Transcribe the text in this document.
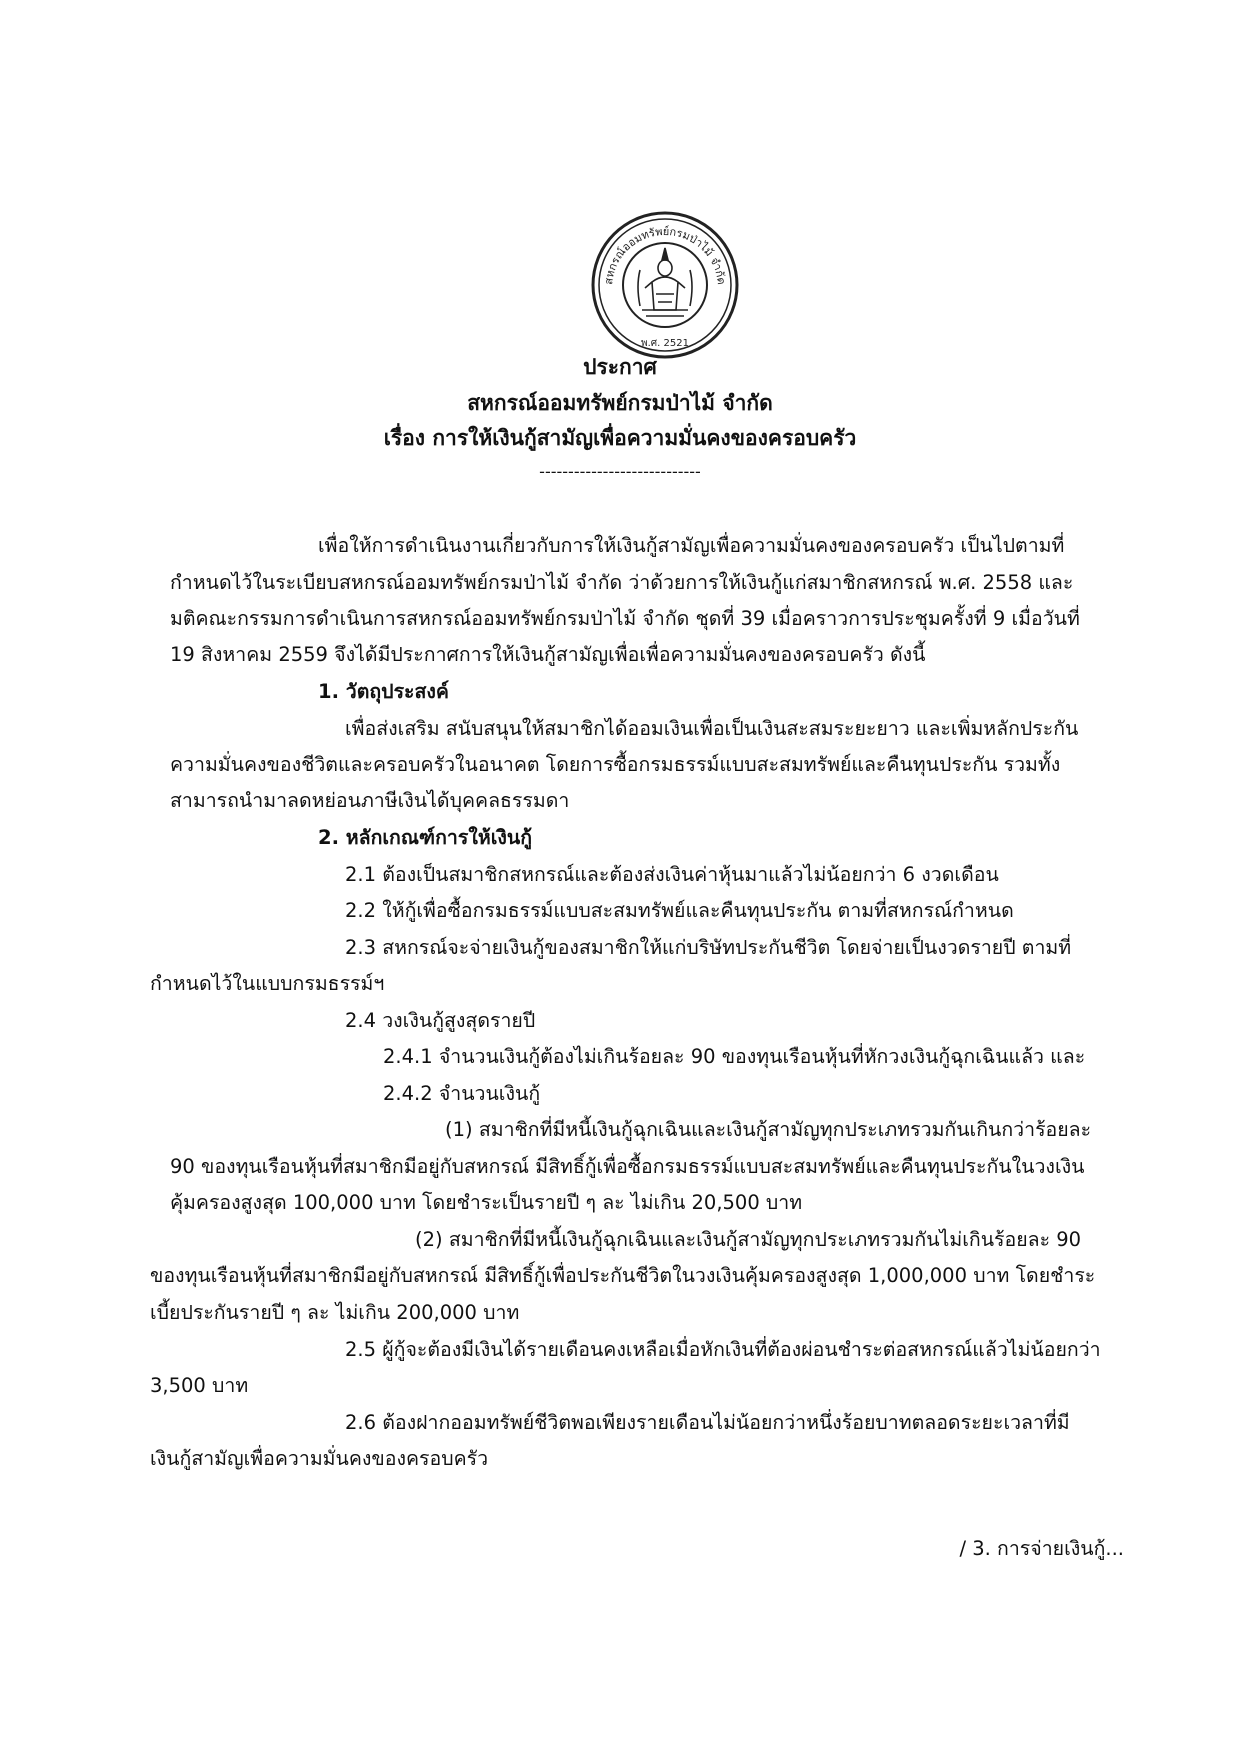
สหกรณ์ออมทรัพย์กรมป่าไม้ จำกัด
พ.ศ. 2521
ประกาศ
สหกรณ์ออมทรัพย์กรมป่าไม้ จำกัด
เรื่อง การให้เงินกู้สามัญเพื่อความมั่นคงของครอบครัว
----------------------------
เพื่อให้การดำเนินงานเกี่ยวกับการให้เงินกู้สามัญเพื่อความมั่นคงของครอบครัว เป็นไปตามที่
กำหนดไว้ในระเบียบสหกรณ์ออมทรัพย์กรมป่าไม้ จำกัด ว่าด้วยการให้เงินกู้แก่สมาชิกสหกรณ์ พ.ศ. 2558 และ
มติคณะกรรมการดำเนินการสหกรณ์ออมทรัพย์กรมป่าไม้ จำกัด ชุดที่ 39 เมื่อคราวการประชุมครั้งที่ 9 เมื่อวันที่
19 สิงหาคม 2559 จึงได้มีประกาศการให้เงินกู้สามัญเพื่อเพื่อความมั่นคงของครอบครัว ดังนี้
1. วัตถุประสงค์
เพื่อส่งเสริม สนับสนุนให้สมาชิกได้ออมเงินเพื่อเป็นเงินสะสมระยะยาว และเพิ่มหลักประกัน
ความมั่นคงของชีวิตและครอบครัวในอนาคต โดยการซื้อกรมธรรม์แบบสะสมทรัพย์และคืนทุนประกัน รวมทั้ง
สามารถนำมาลดหย่อนภาษีเงินได้บุคคลธรรมดา
2. หลักเกณฑ์การให้เงินกู้
2.1 ต้องเป็นสมาชิกสหกรณ์และต้องส่งเงินค่าหุ้นมาแล้วไม่น้อยกว่า 6 งวดเดือน
2.2 ให้กู้เพื่อซื้อกรมธรรม์แบบสะสมทรัพย์และคืนทุนประกัน ตามที่สหกรณ์กำหนด
2.3 สหกรณ์จะจ่ายเงินกู้ของสมาชิกให้แก่บริษัทประกันชีวิต โดยจ่ายเป็นงวดรายปี ตามที่
กำหนดไว้ในแบบกรมธรรม์ฯ
2.4 วงเงินกู้สูงสุดรายปี
2.4.1 จำนวนเงินกู้ต้องไม่เกินร้อยละ 90 ของทุนเรือนหุ้นที่หักวงเงินกู้ฉุกเฉินแล้ว และ
2.4.2 จำนวนเงินกู้
(1) สมาชิกที่มีหนี้เงินกู้ฉุกเฉินและเงินกู้สามัญทุกประเภทรวมกันเกินกว่าร้อยละ
90 ของทุนเรือนหุ้นที่สมาชิกมีอยู่กับสหกรณ์ มีสิทธิ์กู้เพื่อซื้อกรมธรรม์แบบสะสมทรัพย์และคืนทุนประกันในวงเงิน
คุ้มครองสูงสุด 100,000 บาท โดยชำระเป็นรายปี ๆ ละ ไม่เกิน 20,500 บาท
(2) สมาชิกที่มีหนี้เงินกู้ฉุกเฉินและเงินกู้สามัญทุกประเภทรวมกันไม่เกินร้อยละ 90
ของทุนเรือนหุ้นที่สมาชิกมีอยู่กับสหกรณ์ มีสิทธิ์กู้เพื่อประกันชีวิตในวงเงินคุ้มครองสูงสุด 1,000,000 บาท โดยชำระ
เบี้ยประกันรายปี ๆ ละ ไม่เกิน 200,000 บาท
2.5 ผู้กู้จะต้องมีเงินได้รายเดือนคงเหลือเมื่อหักเงินที่ต้องผ่อนชำระต่อสหกรณ์แล้วไม่น้อยกว่า
3,500 บาท
2.6 ต้องฝากออมทรัพย์ชีวิตพอเพียงรายเดือนไม่น้อยกว่าหนึ่งร้อยบาทตลอดระยะเวลาที่มี
เงินกู้สามัญเพื่อความมั่นคงของครอบครัว
/ 3. การจ่ายเงินกู้...
